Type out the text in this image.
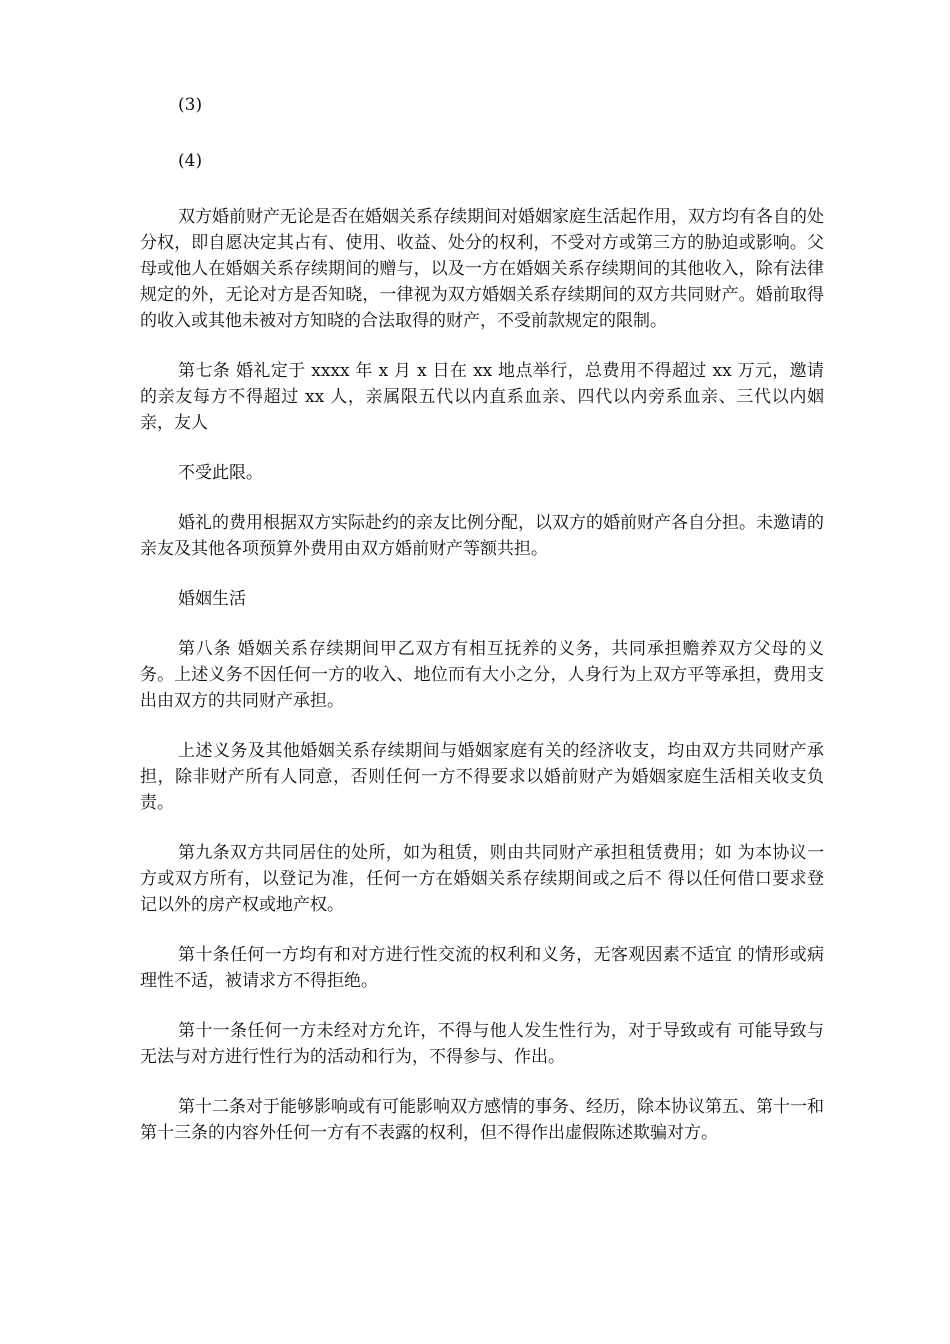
(3)
(4)

双方婚前财产无论是否在婚姻关系存续期间对婚姻家庭生活起作用，双方均有各自的处分权，即自愿决定其占有、使用、收益、处分的权利，不受对方或第三方的胁迫或影响。父母或他人在婚姻关系存续期间的赠与，以及一方在婚姻关系存续期间的其他收入，除有法律规定的外，无论对方是否知晓，一律视为双方婚姻关系存续期间的双方共同财产。婚前取得的收入或其他未被对方知晓的合法取得的财产，不受前款规定的限制。

第七条 婚礼定于 xxxx 年 x 月 x 日在 xx 地点举行，总费用不得超过 xx 万元，邀请的亲友每方不得超过 xx 人，亲属限五代以内直系血亲、四代以内旁系血亲、三代以内姻亲，友人

不受此限。

婚礼的费用根据双方实际赴约的亲友比例分配，以双方的婚前财产各自分担。未邀请的亲友及其他各项预算外费用由双方婚前财产等额共担。

婚姻生活

第八条 婚姻关系存续期间甲乙双方有相互抚养的义务，共同承担赡养双方父母的义务。上述义务不因任何一方的收入、地位而有大小之分，人身行为上双方平等承担，费用支出由双方的共同财产承担。

上述义务及其他婚姻关系存续期间与婚姻家庭有关的经济收支，均由双方共同财产承担，除非财产所有人同意，否则任何一方不得要求以婚前财产为婚姻家庭生活相关收支负责。

第九条双方共同居住的处所，如为租赁，则由共同财产承担租赁费用；如 为本协议一方或双方所有，以登记为准，任何一方在婚姻关系存续期间或之后不 得以任何借口要求登记以外的房产权或地产权。

第十条任何一方均有和对方进行性交流的权利和义务，无客观因素不适宜 的情形或病理性不适，被请求方不得拒绝。

第十一条任何一方未经对方允许，不得与他人发生性行为，对于导致或有 可能导致与无法与对方进行性行为的活动和行为，不得参与、作出。

第十二条对于能够影响或有可能影响双方感情的事务、经历，除本协议第五、第十一和第十三条的内容外任何一方有不表露的权利，但不得作出虚假陈述欺骗对方。
